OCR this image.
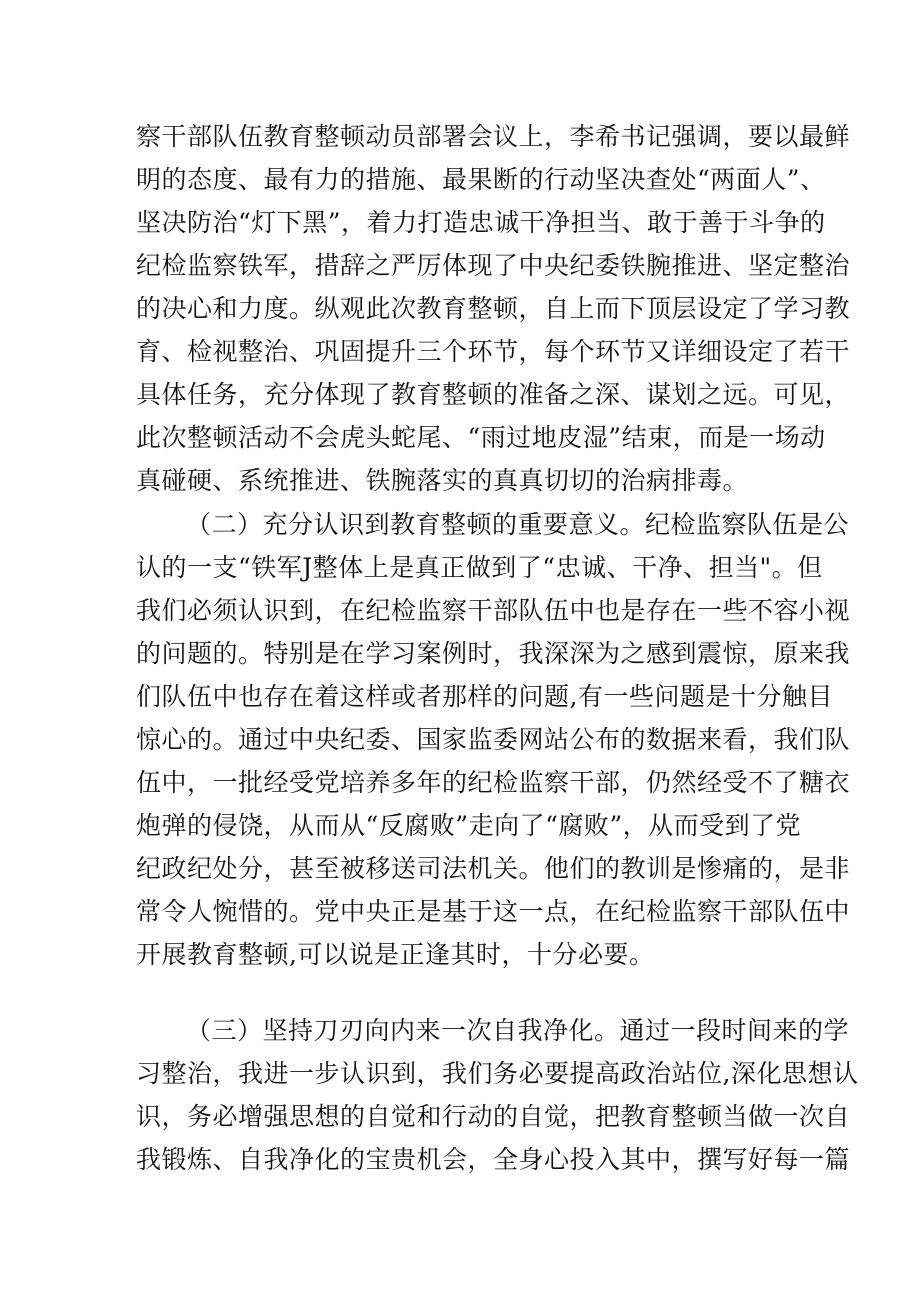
察干部队伍教育整顿动员部署会议上，李希书记强调，要以最鲜
明的态度、最有力的措施、最果断的行动坚决查处“两面人”、
坚决防治“灯下黑”，着力打造忠诚干净担当、敢于善于斗争的
纪检监察铁军，措辞之严厉体现了中央纪委铁腕推进、坚定整治
的决心和力度。纵观此次教育整顿，自上而下顶层设定了学习教
育、检视整治、巩固提升三个环节，每个环节又详细设定了若干
具体任务，充分体现了教育整顿的准备之深、谋划之远。可见，
此次整顿活动不会虎头蛇尾、“雨过地皮湿”结束，而是一场动
真碰硬、系统推进、铁腕落实的真真切切的治病排毒。
（二）充分认识到教育整顿的重要意义。纪检监察队伍是公
认的一支“铁军J整体上是真正做到了“忠诚、干净、担当"。但
我们必须认识到，在纪检监察干部队伍中也是存在一些不容小视
的问题的。特别是在学习案例时，我深深为之感到震惊，原来我
们队伍中也存在着这样或者那样的问题,有一些问题是十分触目
惊心的。通过中央纪委、国家监委网站公布的数据来看，我们队
伍中，一批经受党培养多年的纪检监察干部，仍然经受不了糖衣
炮弹的侵饶，从而从“反腐败”走向了“腐败”，从而受到了党
纪政纪处分，甚至被移送司法机关。他们的教训是惨痛的，是非
常令人惋惜的。党中央正是基于这一点，在纪检监察干部队伍中
开展教育整顿,可以说是正逢其时，十分必要。
（三）坚持刀刃向内来一次自我净化。通过一段时间来的学
习整治，我进一步认识到，我们务必要提高政治站位,深化思想认
识，务必增强思想的自觉和行动的自觉，把教育整顿当做一次自
我锻炼、自我净化的宝贵机会，全身心投入其中，撰写好每一篇
